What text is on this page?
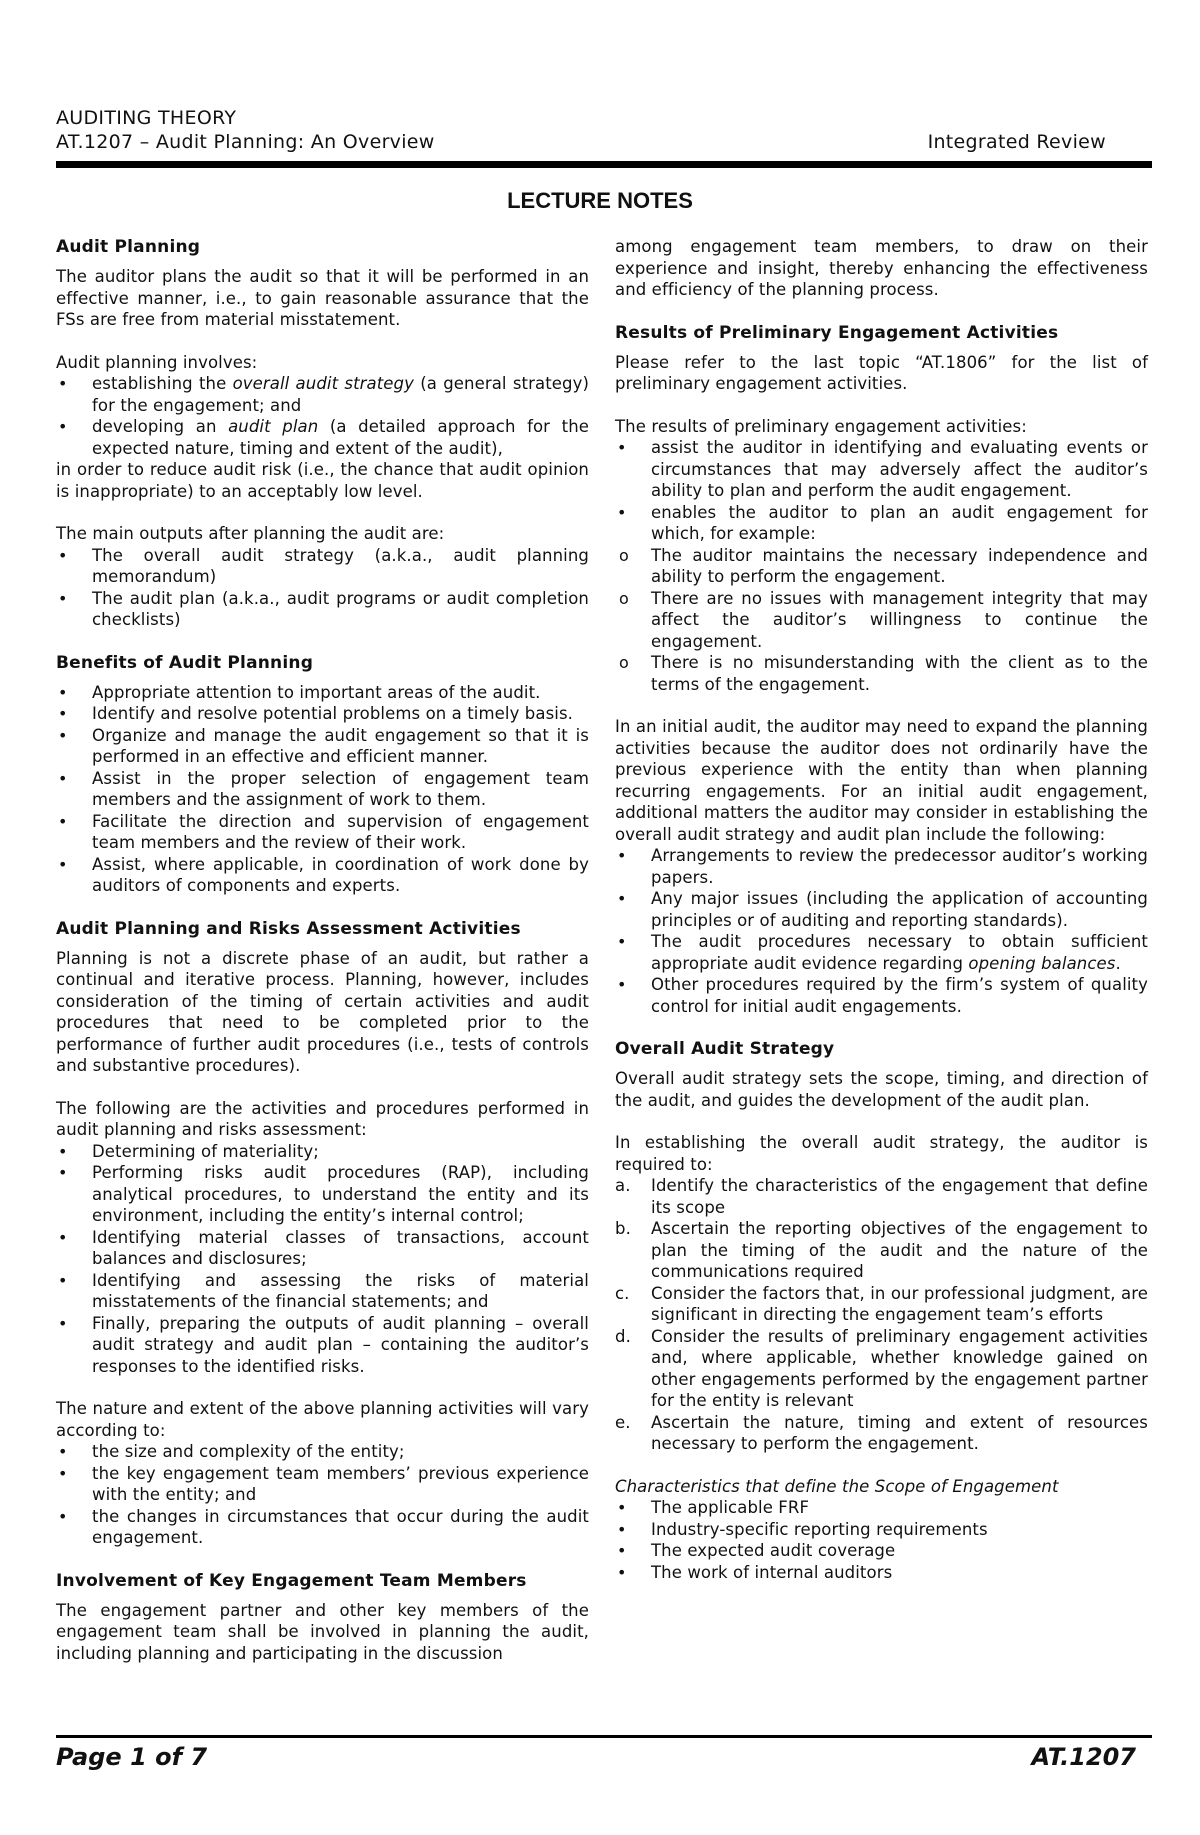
AUDITING THEORY
AT.1207 – Audit Planning: An Overview	Integrated Review
LECTURE NOTES
Audit Planning

The auditor plans the audit so that it will be performed in an effective manner, i.e., to gain reasonable assurance that the FSs are free from material misstatement.

Audit planning involves:

• establishing the overall audit strategy (a general strategy) for the engagement; and
• developing an audit plan (a detailed approach for the expected nature, timing and extent of the audit),

in order to reduce audit risk (i.e., the chance that audit opinion is inappropriate) to an acceptably low level.

The main outputs after planning the audit are:

• The overall audit strategy (a.k.a., audit planning memorandum)
• The audit plan (a.k.a., audit programs or audit completion checklists)
Benefits of Audit Planning
• Appropriate attention to important areas of the audit.
• Identify and resolve potential problems on a timely basis.
• Organize and manage the audit engagement so that it is performed in an effective and efficient manner.
• Assist in the proper selection of engagement team members and the assignment of work to them.
• Facilitate the direction and supervision of engagement team members and the review of their work.
• Assist, where applicable, in coordination of work done by auditors of components and experts.
Audit Planning and Risks Assessment Activities

Planning is not a discrete phase of an audit, but rather a continual and iterative process. Planning, however, includes consideration of the timing of certain activities and audit procedures that need to be completed prior to the performance of further audit procedures (i.e., tests of controls and substantive procedures).

The following are the activities and procedures performed in audit planning and risks assessment:

• Determining of materiality;
• Performing risks audit procedures (RAP), including analytical procedures, to understand the entity and its environment, including the entity’s internal control;
• Identifying material classes of transactions, account balances and disclosures;
• Identifying and assessing the risks of material misstatements of the financial statements; and
• Finally, preparing the outputs of audit planning – overall audit strategy and audit plan – containing the auditor’s responses to the identified risks.

The nature and extent of the above planning activities will vary according to:

• the size and complexity of the entity;
• the key engagement team members’ previous experience with the entity; and
• the changes in circumstances that occur during the audit engagement.
Involvement of Key Engagement Team Members

The engagement partner and other key members of the engagement team shall be involved in planning the audit, including planning and participating in the discussion

among engagement team members, to draw on their experience and insight, thereby enhancing the effectiveness and efficiency of the planning process.

Results of Preliminary Engagement Activities

Please refer to the last topic “AT.1806” for the list of preliminary engagement activities.

The results of preliminary engagement activities:

• assist the auditor in identifying and evaluating events or circumstances that may adversely affect the auditor’s ability to plan and perform the audit engagement.
• enables the auditor to plan an audit engagement for which, for example:
o The auditor maintains the necessary independence and ability to perform the engagement.
o There are no issues with management integrity that may affect the auditor’s willingness to continue the engagement.
o There is no misunderstanding with the client as to the terms of the engagement.

In an initial audit, the auditor may need to expand the planning activities because the auditor does not ordinarily have the previous experience with the entity than when planning recurring engagements. For an initial audit engagement, additional matters the auditor may consider in establishing the overall audit strategy and audit plan include the following:

• Arrangements to review the predecessor auditor’s working papers.
• Any major issues (including the application of accounting principles or of auditing and reporting standards).
• The audit procedures necessary to obtain sufficient appropriate audit evidence regarding opening balances.
• Other procedures required by the firm’s system of quality control for initial audit engagements.
Overall Audit Strategy

Overall audit strategy sets the scope, timing, and direction of the audit, and guides the development of the audit plan.

In establishing the overall audit strategy, the auditor is required to:

a. Identify the characteristics of the engagement that define its scope
b. Ascertain the reporting objectives of the engagement to plan the timing of the audit and the nature of the communications required
c. Consider the factors that, in our professional judgment, are significant in directing the engagement team’s efforts
d. Consider the results of preliminary engagement activities and, where applicable, whether knowledge gained on other engagements performed by the engagement partner for the entity is relevant
e. Ascertain the nature, timing and extent of resources necessary to perform the engagement.

Characteristics that define the Scope of Engagement

• The applicable FRF
• Industry-specific reporting requirements
• The expected audit coverage
• The work of internal auditors
Page 1 of 7	AT.1207
